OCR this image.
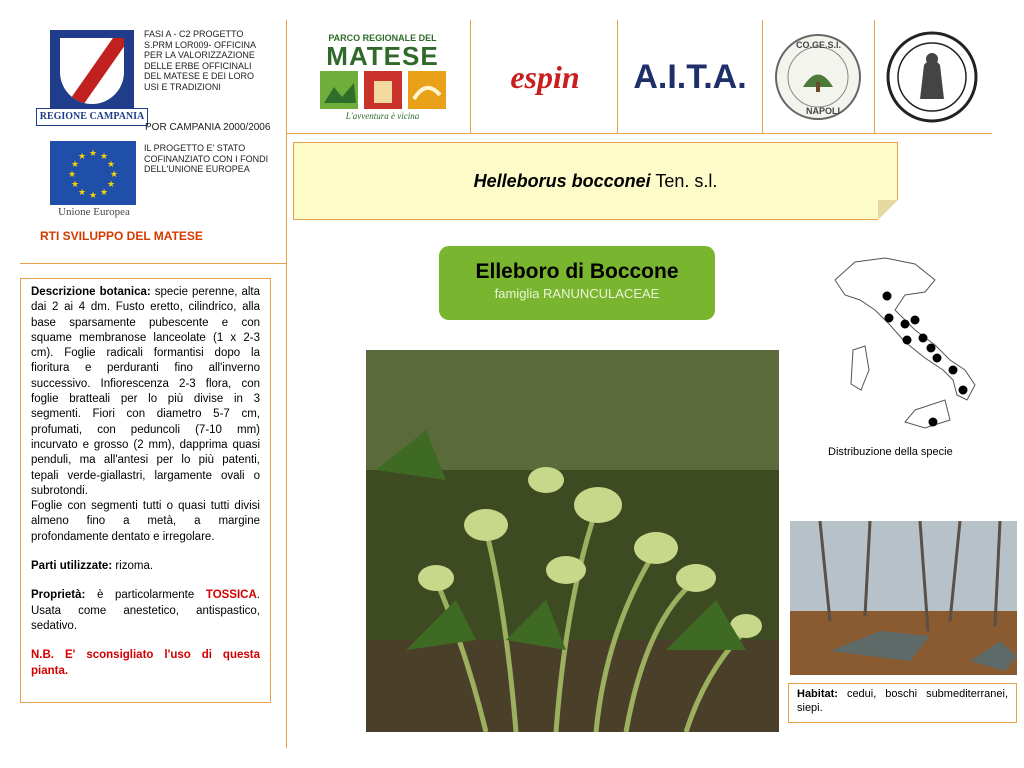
REGIONE CAMPANIA
FASI A - C2 PROGETTO S.PRM LOR009- OFFICINA PER LA VALORIZZAZIONE DELLE ERBE OFFICINALI DEL MATESE E DEI LORO USI E TRADIZIONI
POR CAMPANIA 2000/2006
★ ★
★
★
★
★
★
★
★
★
★
★
Unione Europea
IL PROGETTO E' STATO COFINANZIATO CON I FONDI DELL'UNIONE EUROPEA
RTI SVILUPPO DEL MATESE
PARCO REGIONALE DEL
MATESE
L'avventura è vicina
espin A.I.T.A.
CO.GE.S.I.
NAPOLI
Helleborus bocconei Ten. s.l.
Elleboro di Boccone
famiglia RANUNCULACEAE

Descrizione botanica: specie perenne, alta dai 2 ai 4 dm. Fusto eretto, cilindrico, alla base sparsamente pubescente e con squame membranose lanceolate (1 x 2-3 cm). Foglie radicali formantisi dopo la fioritura e perduranti fino all'inverno successivo. Infiorescenza 2-3 flora, con foglie bratteali per lo più divise in 3 segmenti. Fiori con diametro 5-7 cm, profumati, con peduncoli (7-10 mm) incurvato e grosso (2 mm), dapprima quasi penduli, ma all'antesi per lo più patenti, tepali verde-giallastri, largamente ovali o subrotondi.

Foglie con segmenti tutti o quasi tutti divisi almeno fino a metà, a margine profondamente dentato e irregolare.

Parti utilizzate: rizoma.

Proprietà: è particolarmente TOSSICA. Usata come anestetico, antispastico, sedativo.

N.B. E' sconsigliato l'uso di questa pianta.

Distribuzione della specie
Habitat: cedui, boschi submediterranei, siepi.
